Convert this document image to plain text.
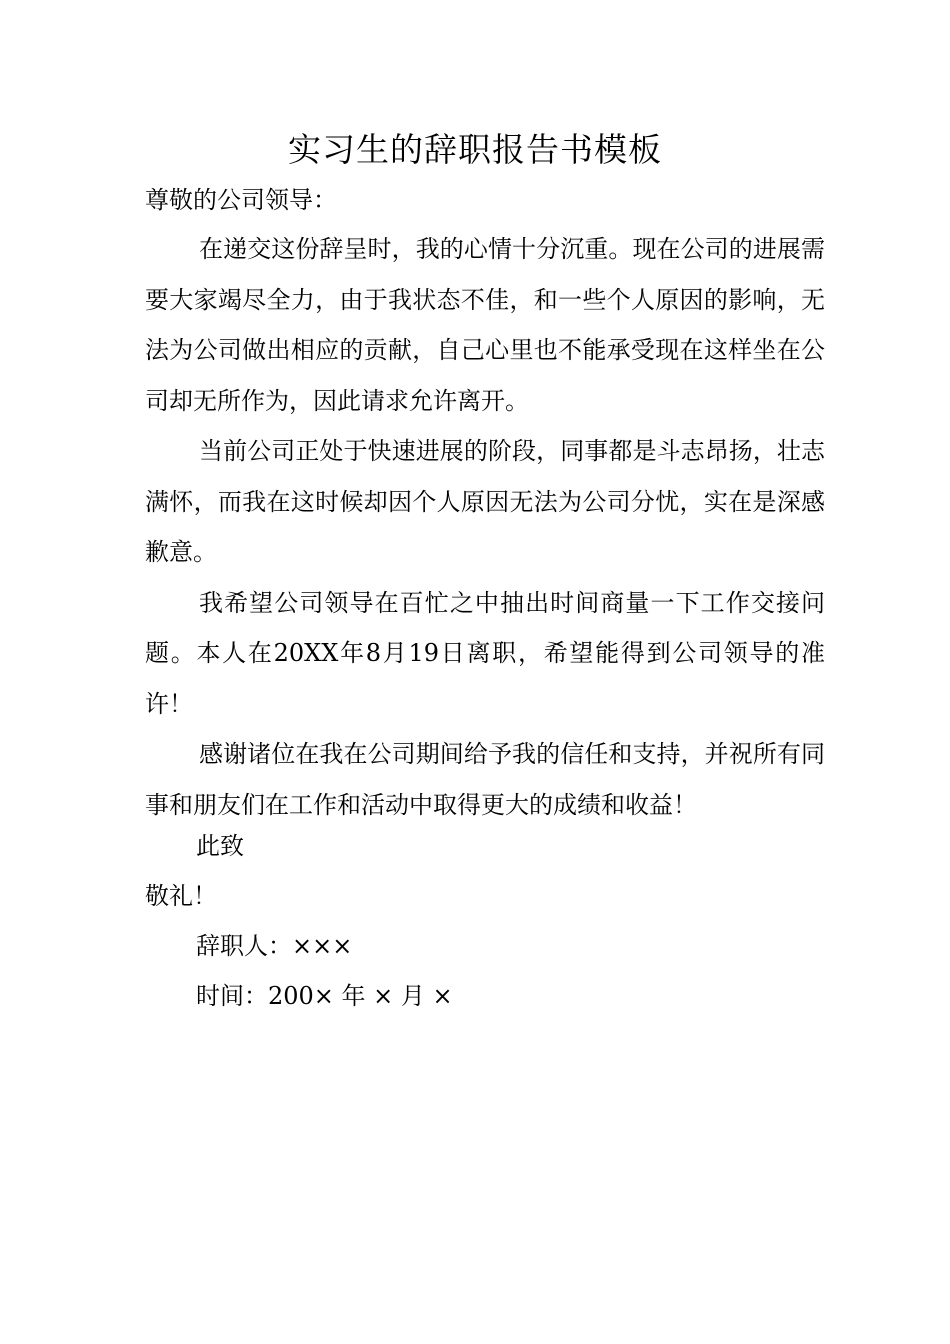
实习生的辞职报告书模板
尊敬的公司领导：

在递交这份辞呈时，我的心情十分沉重。现在公司的进展需要大家竭尽全力，由于我状态不佳，和一些个人原因的影响，无法为公司做出相应的贡献，自己心里也不能承受现在这样坐在公司却无所作为，因此请求允许离开。

当前公司正处于快速进展的阶段，同事都是斗志昂扬，壮志满怀，而我在这时候却因个人原因无法为公司分忧，实在是深感歉意。

我希望公司领导在百忙之中抽出时间商量一下工作交接问题。本人在20XX年8月19日离职，希望能得到公司领导的准许！

感谢诸位在我在公司期间给予我的信任和支持，并祝所有同事和朋友们在工作和活动中取得更大的成绩和收益！

此致
敬礼！
辞职人：×××
时间：200× 年 × 月 ×
